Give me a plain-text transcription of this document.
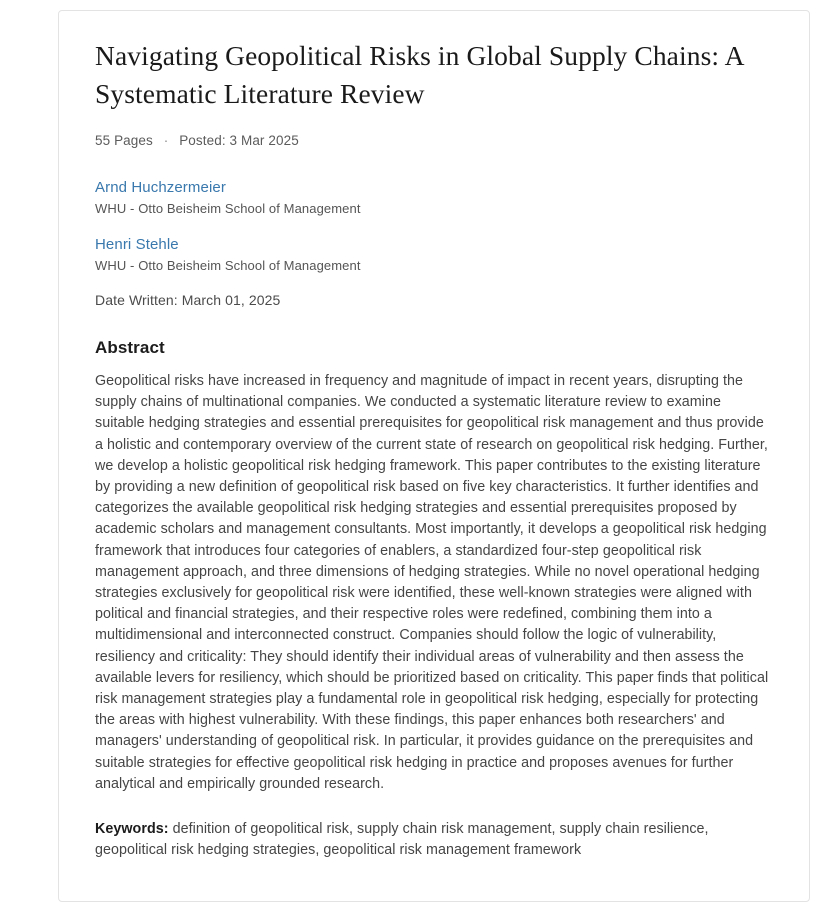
Navigating Geopolitical Risks in Global Supply Chains: A Systematic Literature Review
55 Pages · Posted: 3 Mar 2025
Arnd Huchzermeier
WHU - Otto Beisheim School of Management
Henri Stehle
WHU - Otto Beisheim School of Management
Date Written: March 01, 2025
Abstract

Geopolitical risks have increased in frequency and magnitude of impact in recent years, disrupting the supply chains of multinational companies. We conducted a systematic literature review to examine suitable hedging strategies and essential prerequisites for geopolitical risk management and thus provide a holistic and contemporary overview of the current state of research on geopolitical risk hedging. Further, we develop a holistic geopolitical risk hedging framework. This paper contributes to the existing literature by providing a new definition of geopolitical risk based on five key characteristics. It further identifies and categorizes the available geopolitical risk hedging strategies and essential prerequisites proposed by academic scholars and management consultants. Most importantly, it develops a geopolitical risk hedging framework that introduces four categories of enablers, a standardized four-step geopolitical risk management approach, and three dimensions of hedging strategies. While no novel operational hedging strategies exclusively for geopolitical risk were identified, these well-known strategies were aligned with political and financial strategies, and their respective roles were redefined, combining them into a multidimensional and interconnected construct. Companies should follow the logic of vulnerability, resiliency and criticality: They should identify their individual areas of vulnerability and then assess the available levers for resiliency, which should be prioritized based on criticality. This paper finds that political risk management strategies play a fundamental role in geopolitical risk hedging, especially for protecting the areas with highest vulnerability. With these findings, this paper enhances both researchers' and managers' understanding of geopolitical risk. In particular, it provides guidance on the prerequisites and suitable strategies for effective geopolitical risk hedging in practice and proposes avenues for further analytical and empirically grounded research.

Keywords: definition of geopolitical risk, supply chain risk management, supply chain resilience, geopolitical risk hedging strategies, geopolitical risk management framework
